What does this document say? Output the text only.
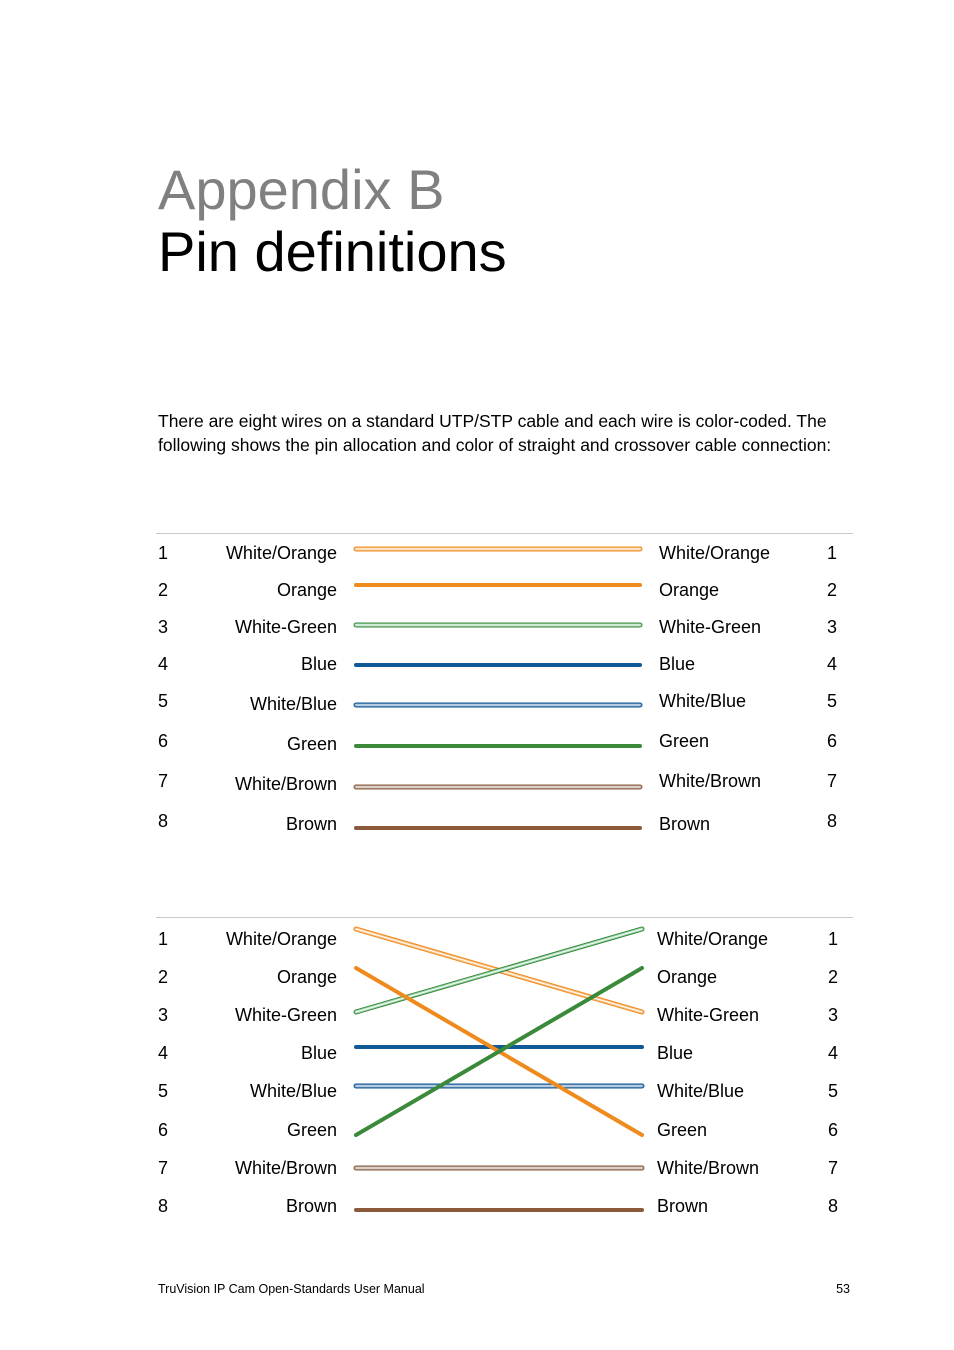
Appendix B
Pin definitions
There are eight wires on a standard UTP/STP cable and each wire is color-coded. The following shows the pin allocation and color of straight and crossover cable connection:
1
2
3
4
5
6
7
8
White/Orange
Orange
White-Green
Blue
White/Blue
Green
White/Brown
Brown
White/Orange
Orange
White-Green
Blue
White/Blue
Green
White/Brown
Brown
1
2
3
4
5
6
7
8
1
2
3
4
5
6
7
8
White/Orange
Orange
White-Green
Blue
White/Blue
Green
White/Brown
Brown
White/Orange
Orange
White-Green
Blue
White/Blue
Green
White/Brown
Brown
1
2
3
4
5
6
7
8
TruVision IP Cam Open-Standards User Manual	53
